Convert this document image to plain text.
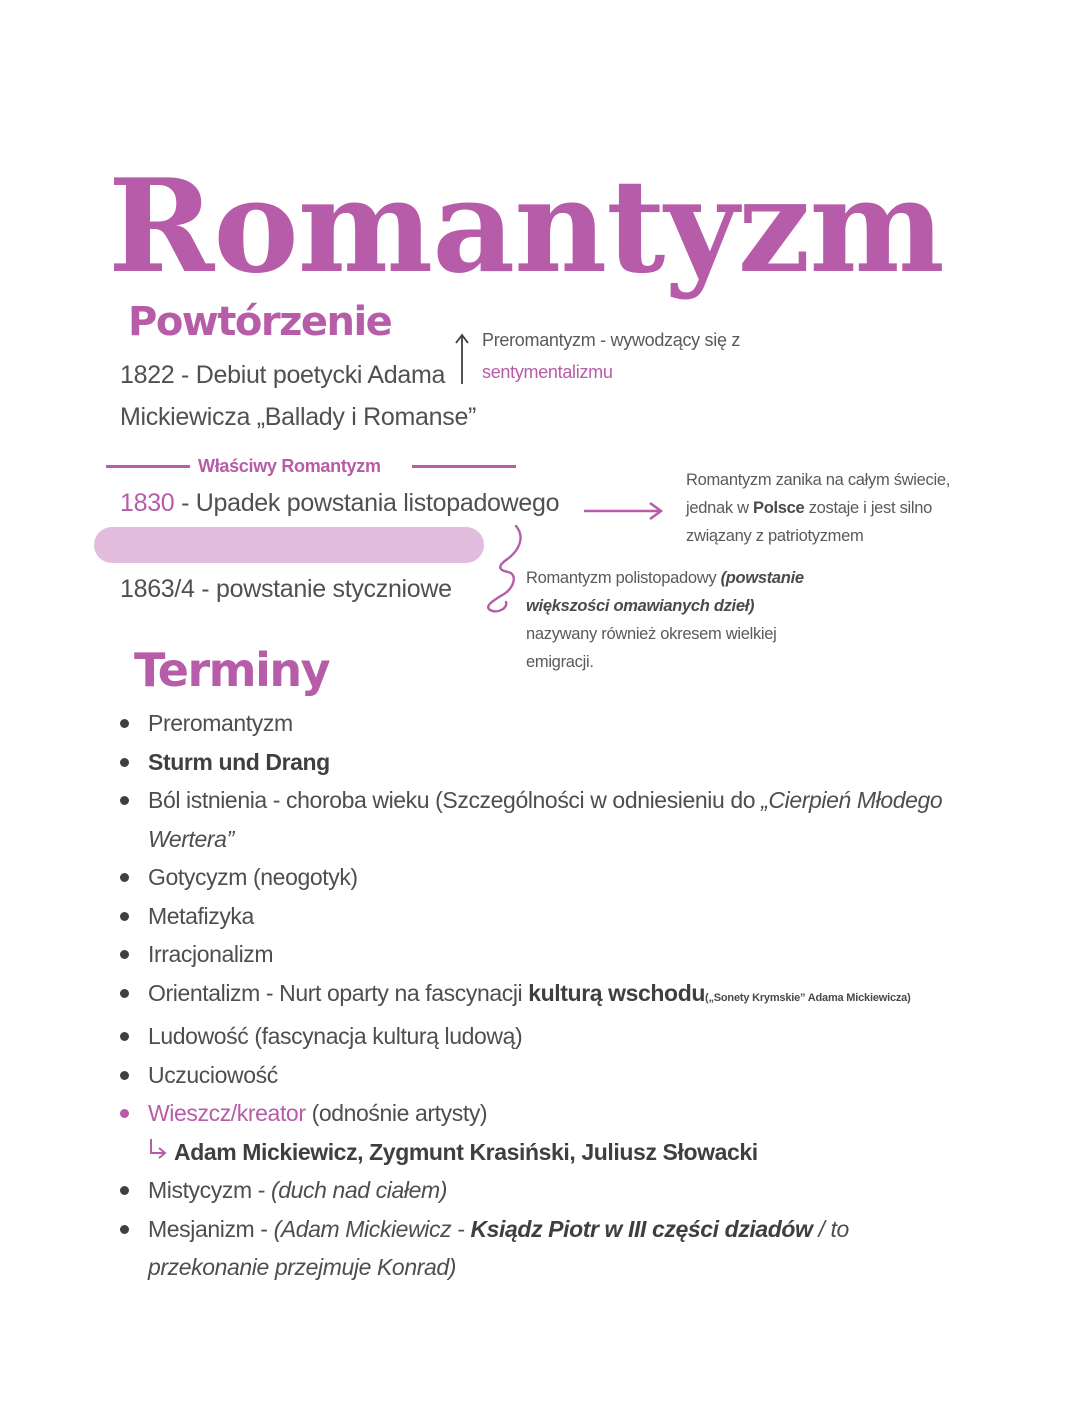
Romantyzm
Powtórzenie
1822 - Debiut poetycki Adama
Mickiewicza „Ballady i Romanse”
Preromantyzm - wywodzący się z
sentymentalizmu
Właściwy Romantyzm
1830 - Upadek powstania listopadowego
Romantyzm zanika na całym świecie,
jednak w Polsce zostaje i jest silno
związany z patriotyzmem
1863/4 - powstanie styczniowe	Romantyzm polistopadowy (powstanie
większości omawianych dzieł)
nazywany również okresem wielkiej
emigracji.
Terminy
Preromantyzm
Sturm und Drang
Ból istnienia - choroba wieku (Szczególności w odniesieniu do „Cierpień Młodego
Wertera”
Gotycyzm (neogotyk)
Metafizyka
Irracjonalizm
Orientalizm - Nurt oparty na fascynacji kulturą wschodu(„Sonety Krymskie” Adama Mickiewicza)
Ludowość (fascynacja kulturą ludową)
Uczuciowość
Wieszcz/kreator (odnośnie artysty)
Adam Mickiewicz, Zygmunt Krasiński, Juliusz Słowacki
Mistycyzm - (duch nad ciałem)
Mesjanizm - (Adam Mickiewicz - Ksiądz Piotr w III części dziadów / to
przekonanie przejmuje Konrad)
